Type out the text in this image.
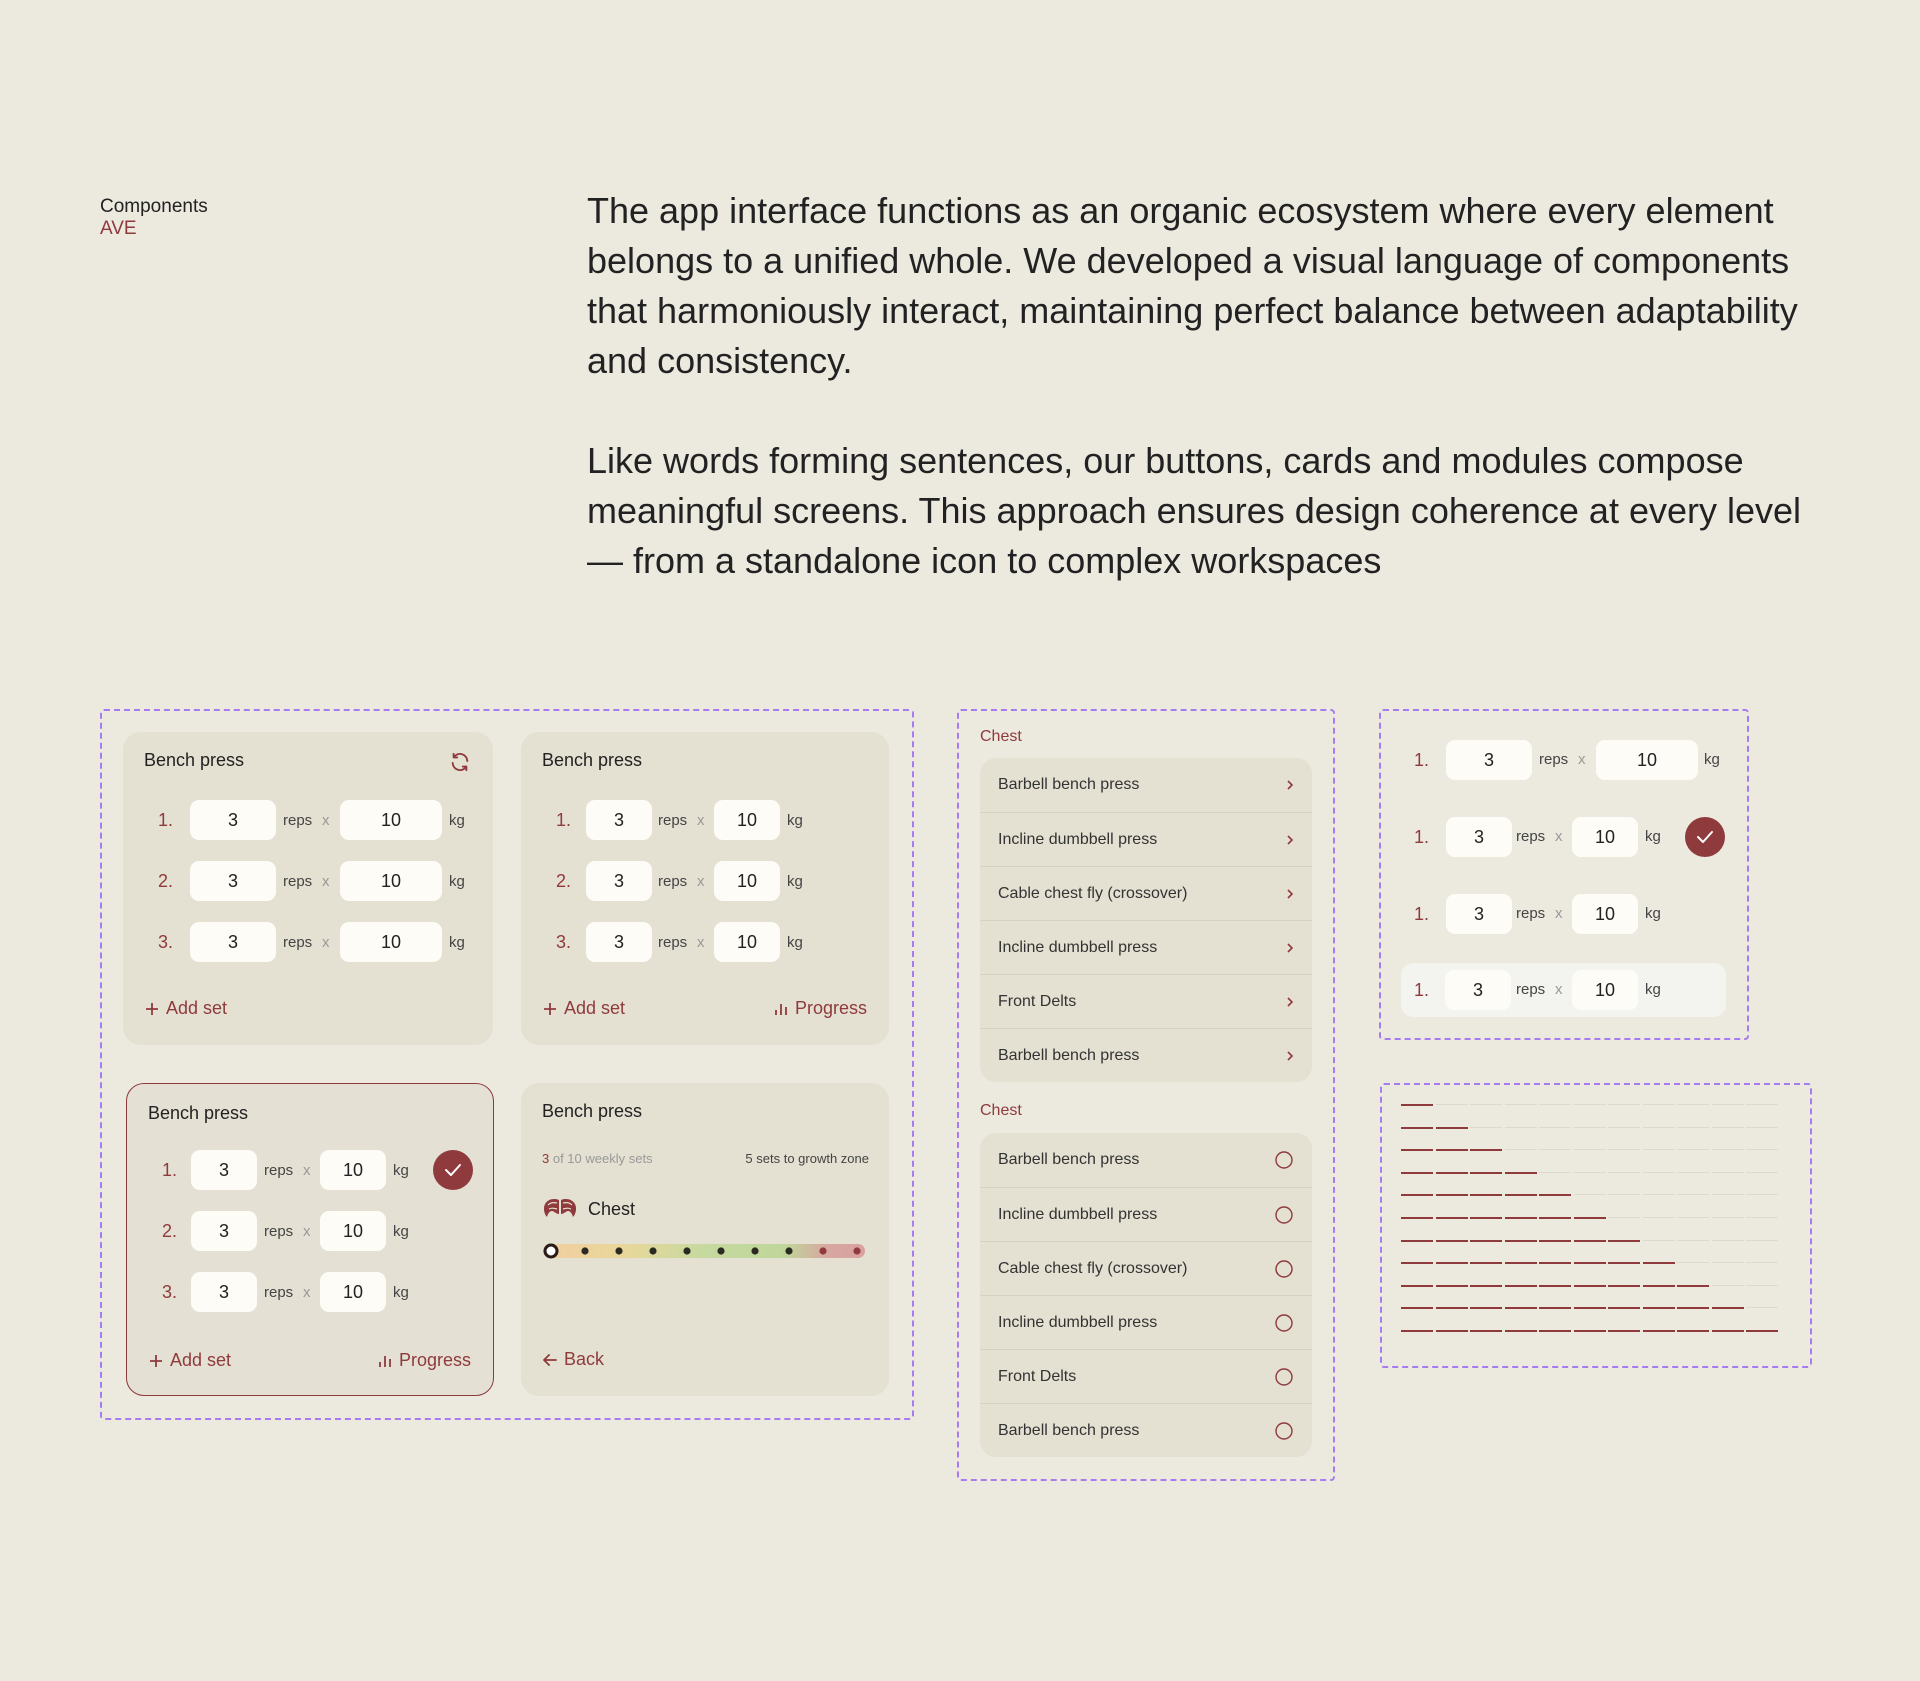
Components
AVE	The app interface functions as an organic ecosystem where every element belongs to a unified whole. We developed a visual language of components that harmoniously interact, maintaining perfect balance between adaptability and consistency.

Like words forming sentences, our buttons, cards and modules compose meaningful screens. This approach ensures design coherence at every level — from a standalone icon to complex workspaces

Bench press
1.	3	reps x	10	kg
2.	3	reps x	10	kg
3.	3	reps x	10	kg
Add set
Bench press
1.	3	reps x	10	kg
2.	3	reps x	10	kg
3.	3	reps x	10	kg
Add set	Progress
Bench press
1.	3	reps x	10	kg
2.	3	reps x	10	kg
3.	3	reps x	10	kg
Add set	Progress
Bench press
3 of 10 weekly sets	5 sets to growth zone
Chest
Back
Chest
Barbell bench press
Incline dumbbell press
Cable chest fly (crossover)
Incline dumbbell press
Front Delts
Barbell bench press
Chest
Barbell bench press
Incline dumbbell press
Cable chest fly (crossover)
Incline dumbbell press
Front Delts
Barbell bench press
1.	3	reps x	10	kg
1.	3	reps x	10	kg
1.	3	reps x	10	kg
1.	3	reps x	10	kg
